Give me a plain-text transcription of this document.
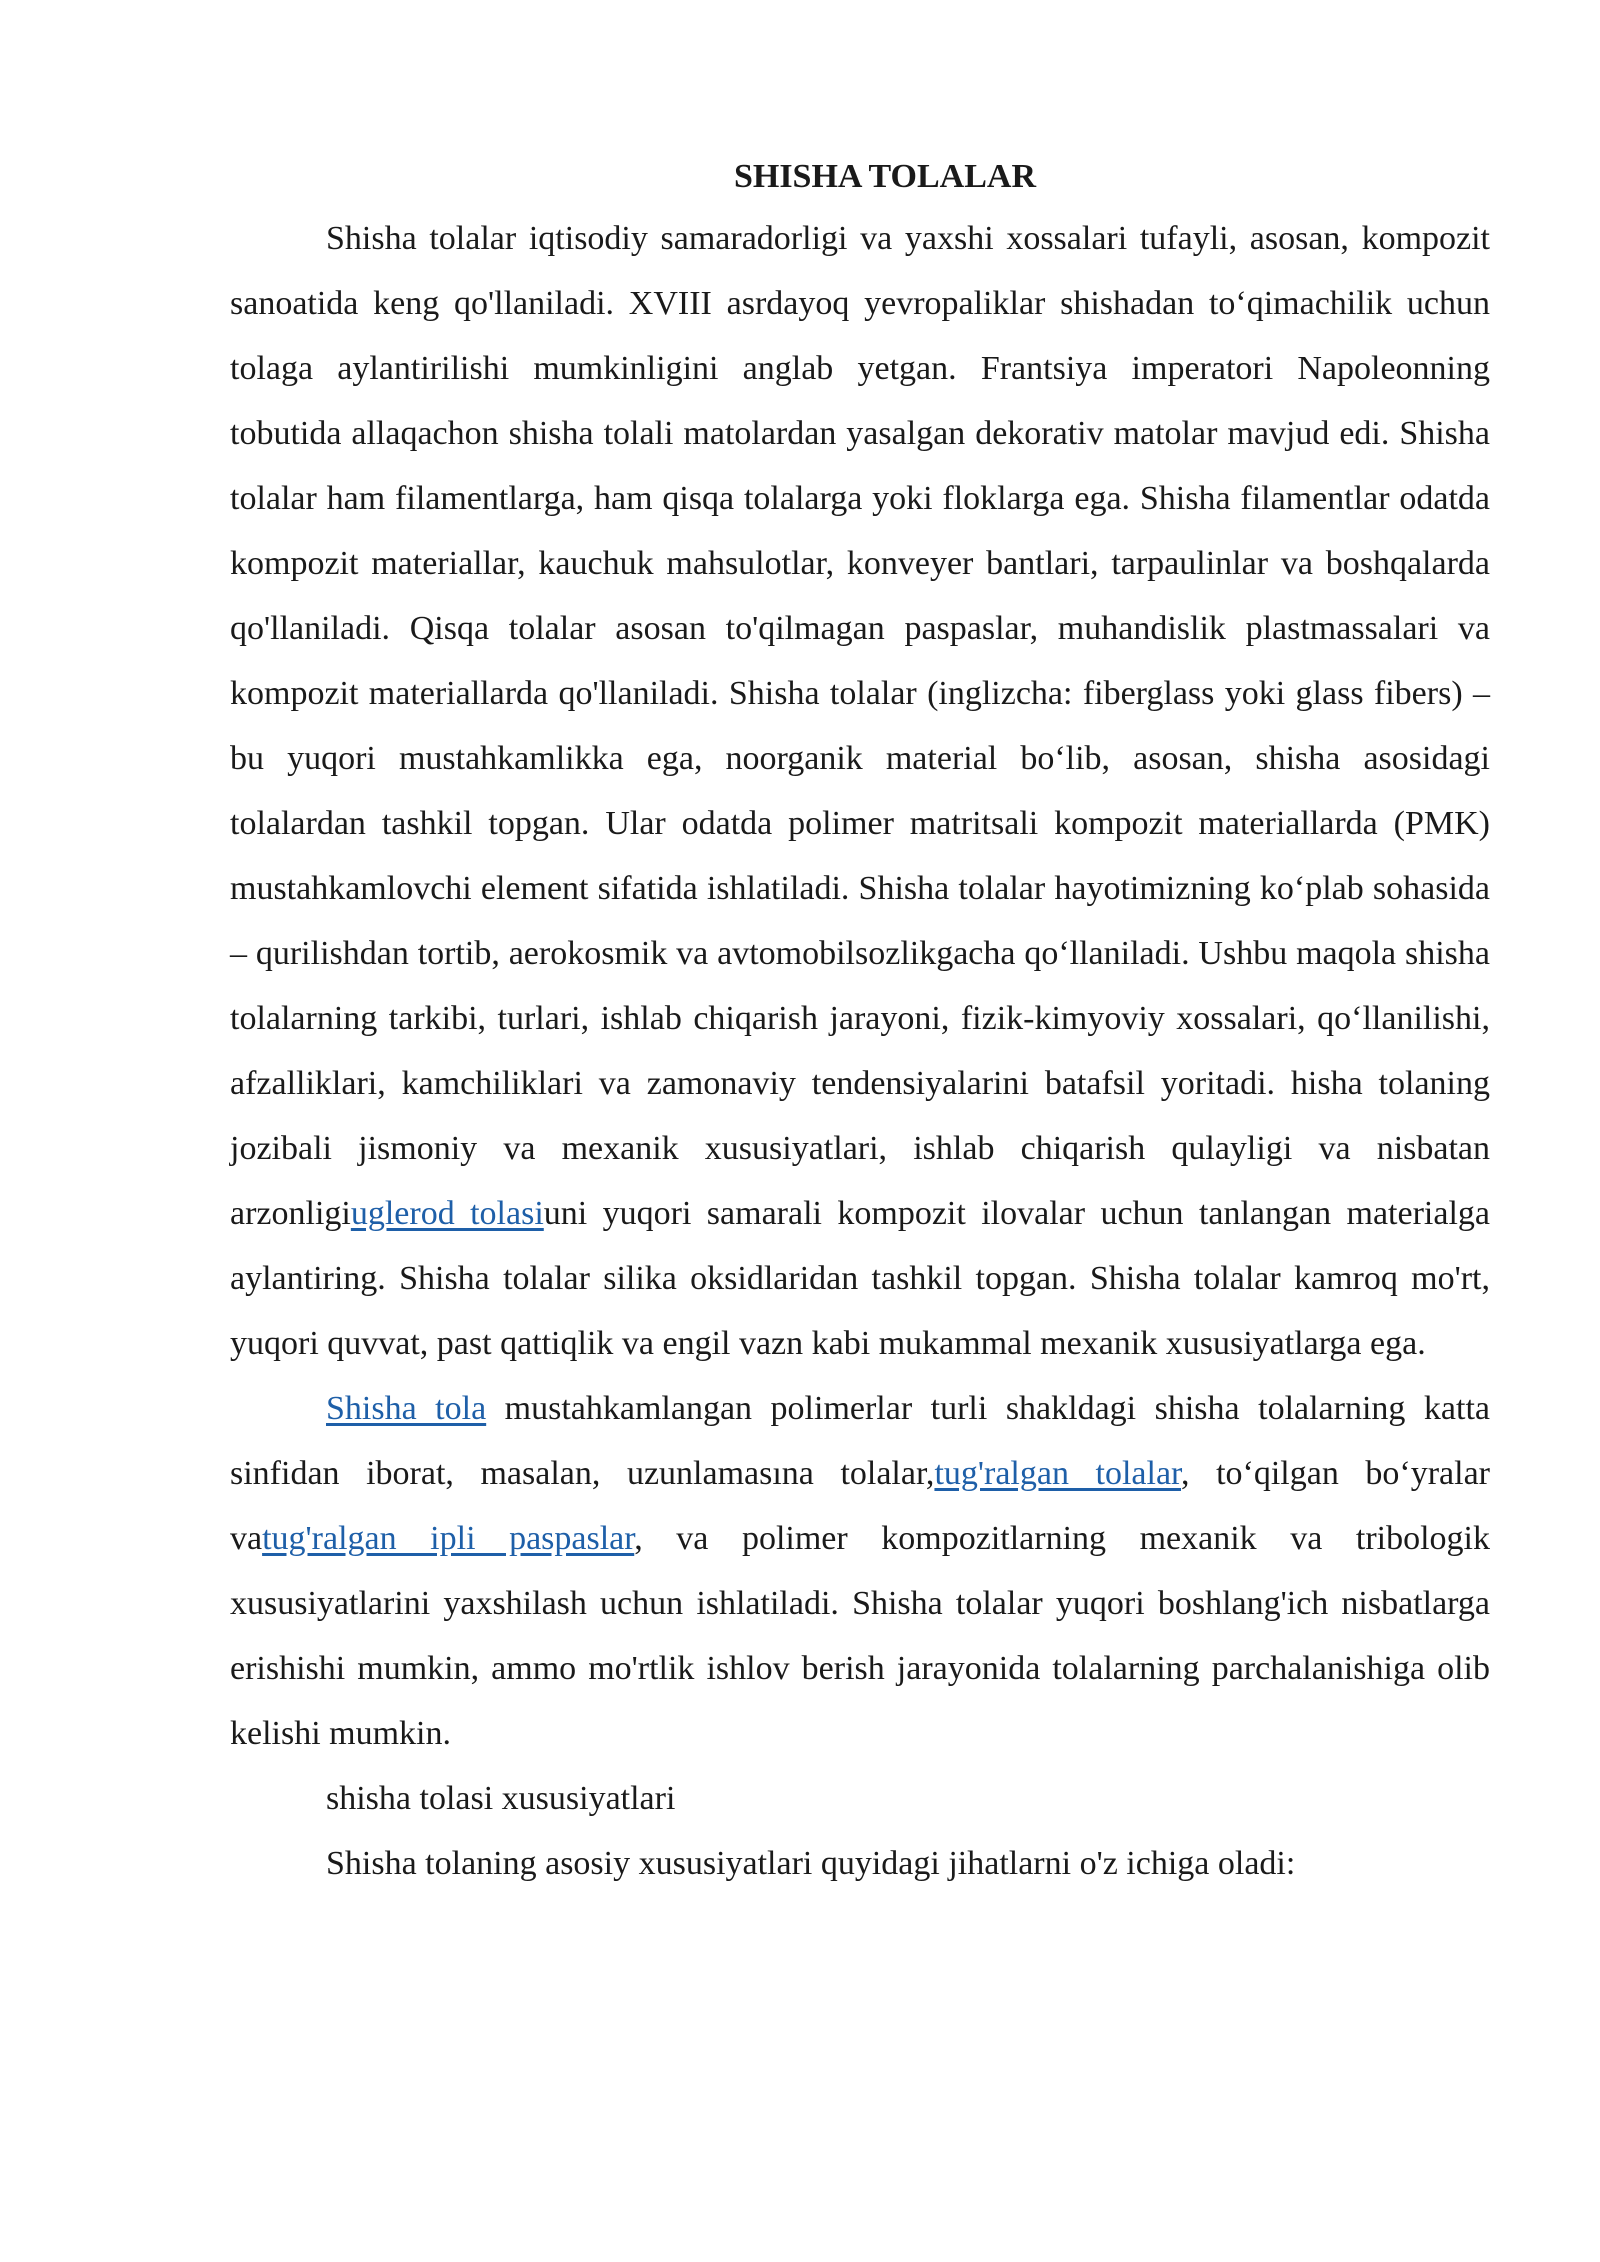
SHISHA TOLALAR

Shisha tolalar iqtisodiy samaradorligi va yaxshi xossalari tufayli, asosan, kompozit sanoatida keng qo'llaniladi. XVIII asrdayoq yevropaliklar shishadan to‘qimachilik uchun tolaga aylantirilishi mumkinligini anglab yetgan. Frantsiya imperatori Napoleonning tobutida allaqachon shisha tolali matolardan yasalgan dekorativ matolar mavjud edi. Shisha tolalar ham filamentlarga, ham qisqa tolalarga yoki floklarga ega. Shisha filamentlar odatda kompozit materiallar, kauchuk mahsulotlar, konveyer bantlari, tarpaulinlar va boshqalarda qo'llaniladi. Qisqa tolalar asosan to'qilmagan paspaslar, muhandislik plastmassalari va kompozit materiallarda qo'llaniladi. Shisha tolalar (inglizcha: fiberglass yoki glass fibers) – bu yuqori mustahkamlikka ega, noorganik material bo‘lib, asosan, shisha asosidagi tolalardan tashkil topgan. Ular odatda polimer matritsali kompozit materiallarda (PMK) mustahkamlovchi element sifatida ishlatiladi. Shisha tolalar hayotimizning ko‘plab sohasida – qurilishdan tortib, aerokosmik va avtomobilsozlikgacha qo‘llaniladi. Ushbu maqola shisha tolalarning tarkibi, turlari, ishlab chiqarish jarayoni, fizik-kimyoviy xossalari, qo‘llanilishi, afzalliklari, kamchiliklari va zamonaviy tendensiyalarini batafsil yoritadi. hisha tolaning jozibali jismoniy va mexanik xususiyatlari, ishlab chiqarish qulayligi va nisbatan arzonligiuglerod tolasiuni yuqori samarali kompozit ilovalar uchun tanlangan materialga aylantiring. Shisha tolalar silika oksidlaridan tashkil topgan. Shisha tolalar kamroq mo'rt, yuqori quvvat, past qattiqlik va engil vazn kabi mukammal mexanik xususiyatlarga ega.

Shisha tola mustahkamlangan polimerlar turli shakldagi shisha tolalarning katta sinfidan iborat, masalan, uzunlamasına tolalar,tug'ralgan tolalar, to‘qilgan bo‘yralar vatug'ralgan ipli paspaslar, va polimer kompozitlarning mexanik va tribologik xususiyatlarini yaxshilash uchun ishlatiladi. Shisha tolalar yuqori boshlang'ich nisbatlarga erishishi mumkin, ammo mo'rtlik ishlov berish jarayonida tolalarning parchalanishiga olib kelishi mumkin.

shisha tolasi xususiyatlari

Shisha tolaning asosiy xususiyatlari quyidagi jihatlarni o'z ichiga oladi:
